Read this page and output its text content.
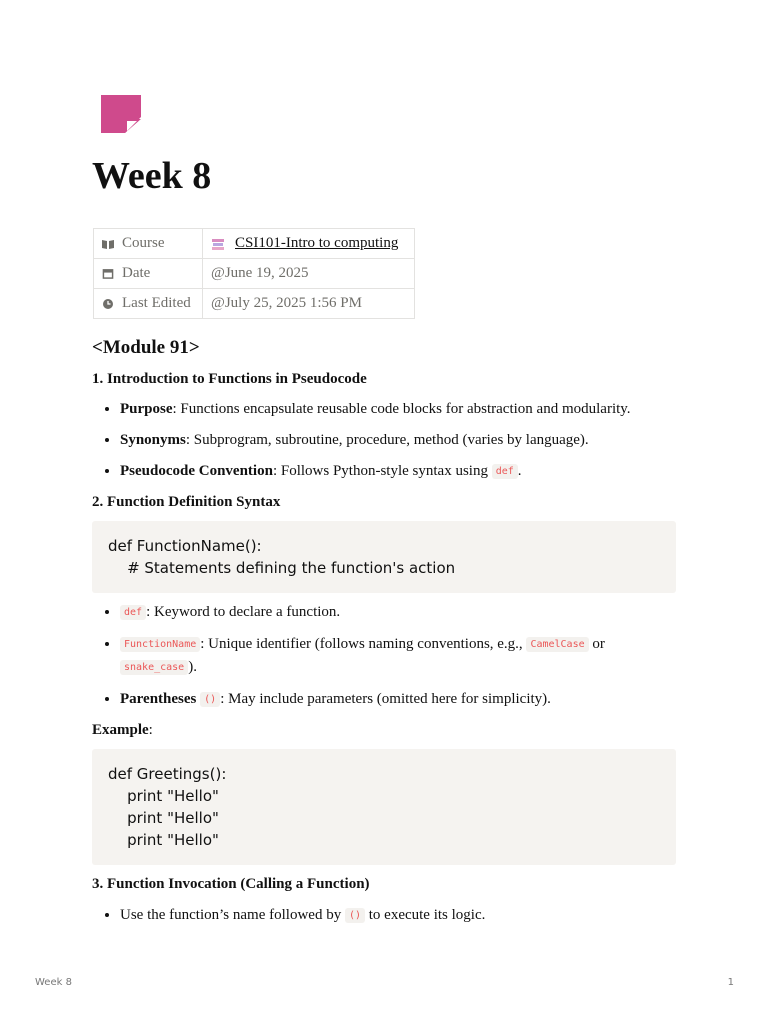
Week 8
Course	CSI101-Intro to computing
Date	@June 19, 2025
Last Edited	@July 25, 2025 1:56 PM
<Module 91>
1. Introduction to Functions in Pseudocode
• Purpose: Functions encapsulate reusable code blocks for abstraction and modularity.
• Synonyms: Subprogram, subroutine, procedure, method (varies by language).
• Pseudocode Convention: Follows Python-style syntax using def .
2. Function Definition Syntax
def FunctionName():
# Statements defining the function's action
• def : Keyword to declare a function.
• FunctionName : Unique identifier (follows naming conventions, e.g., CamelCase or snake_case ).
• Parentheses () : May include parameters (omitted here for simplicity).
Example:
def Greetings():
print "Hello"
print "Hello"
print "Hello"
3. Function Invocation (Calling a Function)
• Use the function’s name followed by () to execute its logic.
Week 8	1
